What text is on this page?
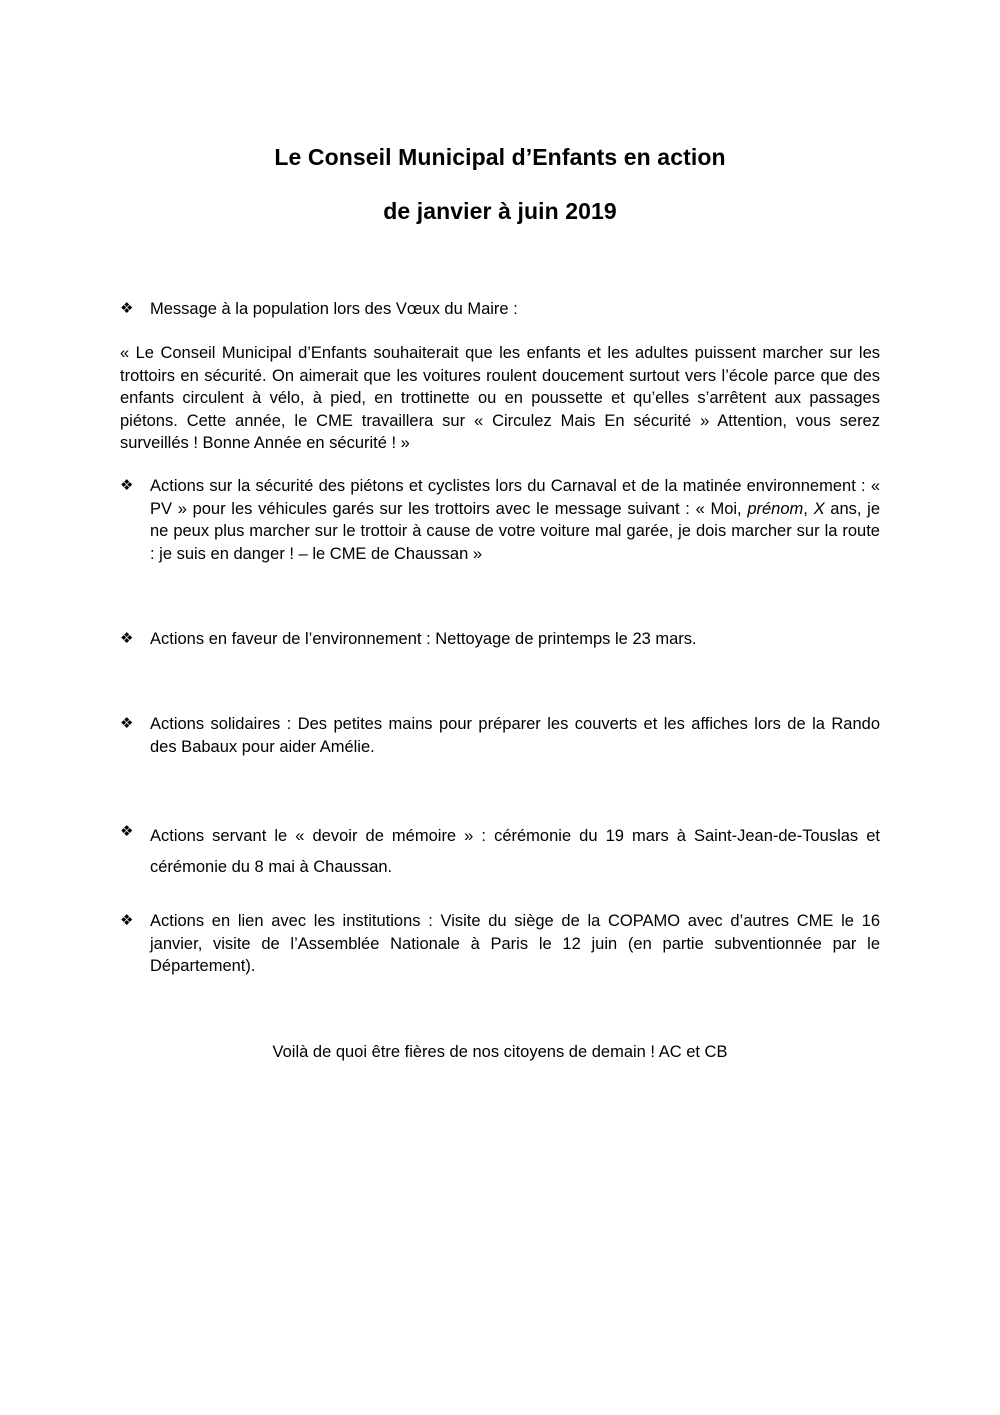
Le Conseil Municipal d’Enfants en action
de janvier à juin 2019
❖	Message à la population lors des Vœux du Maire :
« Le Conseil Municipal d’Enfants souhaiterait que les enfants et les adultes puissent marcher sur les trottoirs en sécurité. On aimerait que les voitures roulent doucement surtout vers l’école parce que des enfants circulent à vélo, à pied, en trottinette ou en poussette et qu’elles s’arrêtent aux passages piétons. Cette année, le CME travaillera sur « Circulez Mais En sécurité » Attention, vous serez surveillés ! Bonne Année en sécurité ! »
❖	Actions sur la sécurité des piétons et cyclistes lors du Carnaval et de la matinée environnement : « PV » pour les véhicules garés sur les trottoirs avec le message suivant : « Moi, prénom, X ans, je ne peux plus marcher sur le trottoir à cause de votre voiture mal garée, je dois marcher sur la route : je suis en danger ! – le CME de Chaussan »
❖	Actions en faveur de l’environnement : Nettoyage de printemps le 23 mars.
❖	Actions solidaires : Des petites mains pour préparer les couverts et les affiches lors de la Rando des Babaux pour aider Amélie.
❖	Actions servant le « devoir de mémoire » : cérémonie du 19 mars à Saint-Jean-de-Touslas et cérémonie du 8 mai à Chaussan.
❖	Actions en lien avec les institutions : Visite du siège de la COPAMO avec d’autres CME le 16 janvier, visite de l’Assemblée Nationale à Paris le 12 juin (en partie subventionnée par le Département).
Voilà de quoi être fières de nos citoyens de demain ! AC et CB
